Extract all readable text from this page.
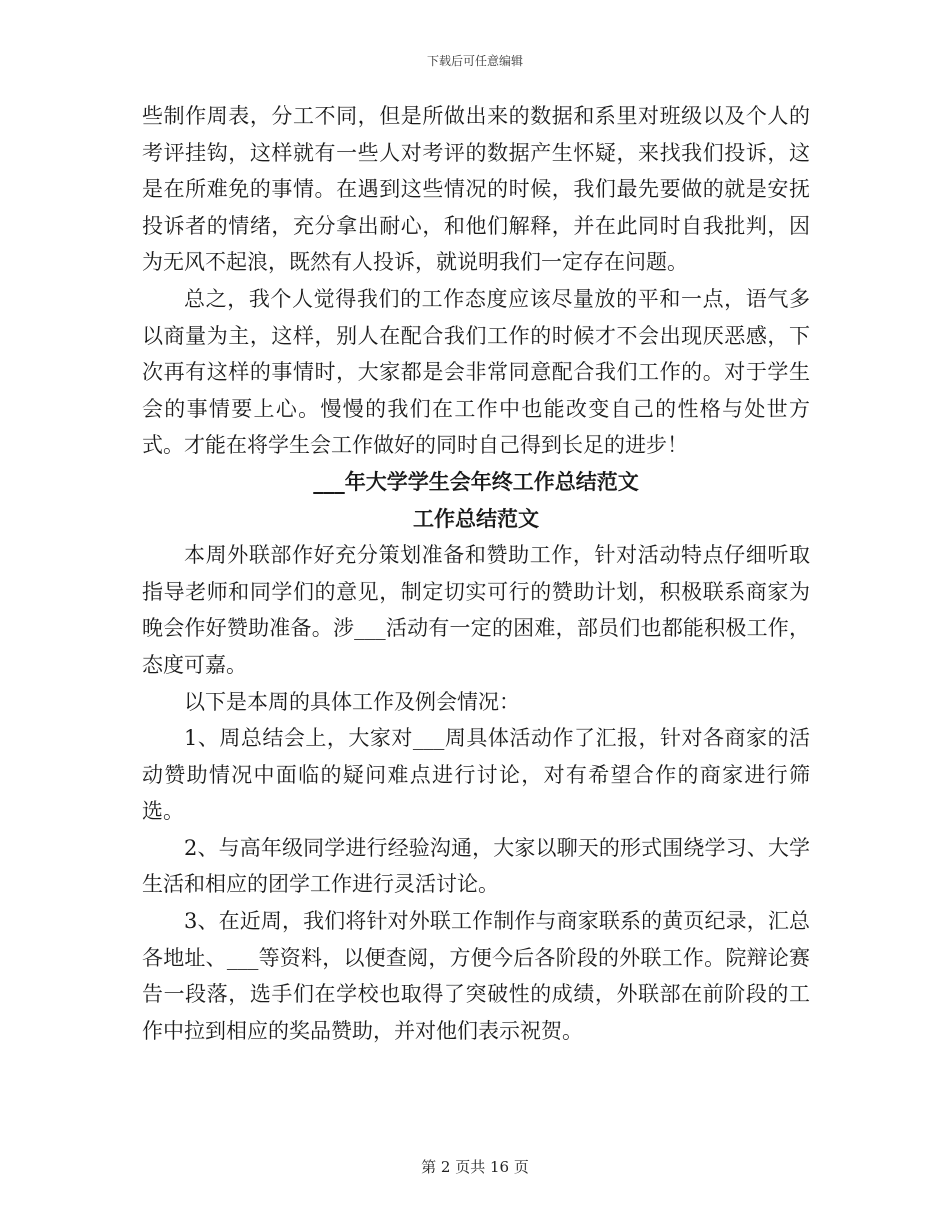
下载后可任意编辑

些制作周表，分工不同，但是所做出来的数据和系里对班级以及个人的考评挂钩，这样就有一些人对考评的数据产生怀疑，来找我们投诉，这是在所难免的事情。在遇到这些情况的时候，我们最先要做的就是安抚投诉者的情绪，充分拿出耐心，和他们解释，并在此同时自我批判，因为无风不起浪，既然有人投诉，就说明我们一定存在问题。

总之，我个人觉得我们的工作态度应该尽量放的平和一点，语气多以商量为主，这样，别人在配合我们工作的时候才不会出现厌恶感，下次再有这样的事情时，大家都是会非常同意配合我们工作的。对于学生会的事情要上心。慢慢的我们在工作中也能改变自己的性格与处世方式。才能在将学生会工作做好的同时自己得到长足的进步！

___年大学学生会年终工作总结范文

工作总结范文

本周外联部作好充分策划准备和赞助工作，针对活动特点仔细听取指导老师和同学们的意见，制定切实可行的赞助计划，积极联系商家为晚会作好赞助准备。涉___活动有一定的困难，部员们也都能积极工作，态度可嘉。

以下是本周的具体工作及例会情况：

1、周总结会上，大家对___周具体活动作了汇报，针对各商家的活动赞助情况中面临的疑问难点进行讨论，对有希望合作的商家进行筛选。

2、与高年级同学进行经验沟通，大家以聊天的形式围绕学习、大学生活和相应的团学工作进行灵活讨论。

3、在近周，我们将针对外联工作制作与商家联系的黄页纪录，汇总各地址、___等资料，以便查阅，方便今后各阶段的外联工作。院辩论赛告一段落，选手们在学校也取得了突破性的成绩，外联部在前阶段的工作中拉到相应的奖品赞助，并对他们表示祝贺。

第 2 页共 16 页
